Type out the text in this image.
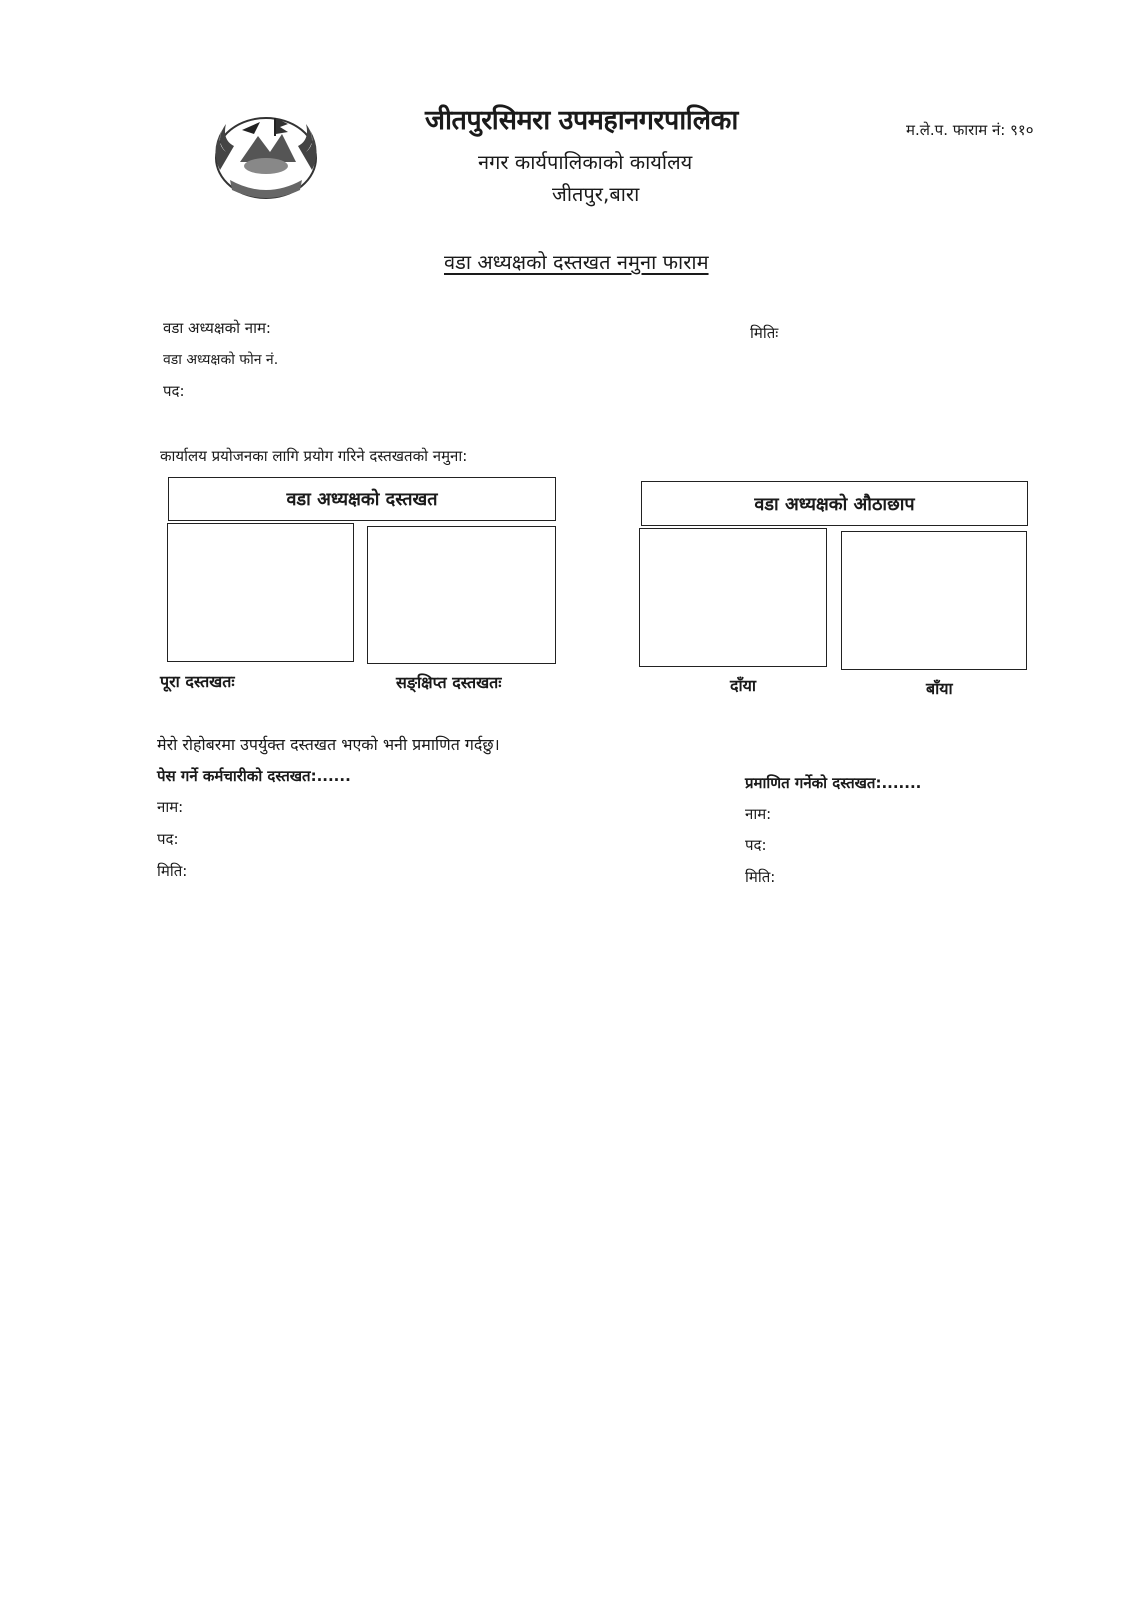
जीतपुरसिमरा उपमहानगरपालिका
नगर कार्यपालिकाको कार्यालय
जीतपुर,बारा
म.ले.प. फाराम नं: ९१०
वडा अध्यक्षको दस्तखत नमुना फाराम
वडा अध्यक्षको नाम:	मितिः
वडा अध्यक्षको फोन नं.
पद:
कार्यालय प्रयोजनका लागि प्रयोग गरिने दस्तखतको नमुना:
वडा अध्यक्षको दस्तखत
पूरा दस्तखतः	सङ्क्षिप्त दस्तखतः
वडा अध्यक्षको औठाछाप
दाँया	बाँया
मेरो रोहोबरमा उपर्युक्त दस्तखत भएको भनी प्रमाणित गर्दछु।
पेस गर्ने कर्मचारीको दस्तखत:......
नाम:
पद:
मिति:
प्रमाणित गर्नेको दस्तखत:.......
नाम:
पद:
मिति:
